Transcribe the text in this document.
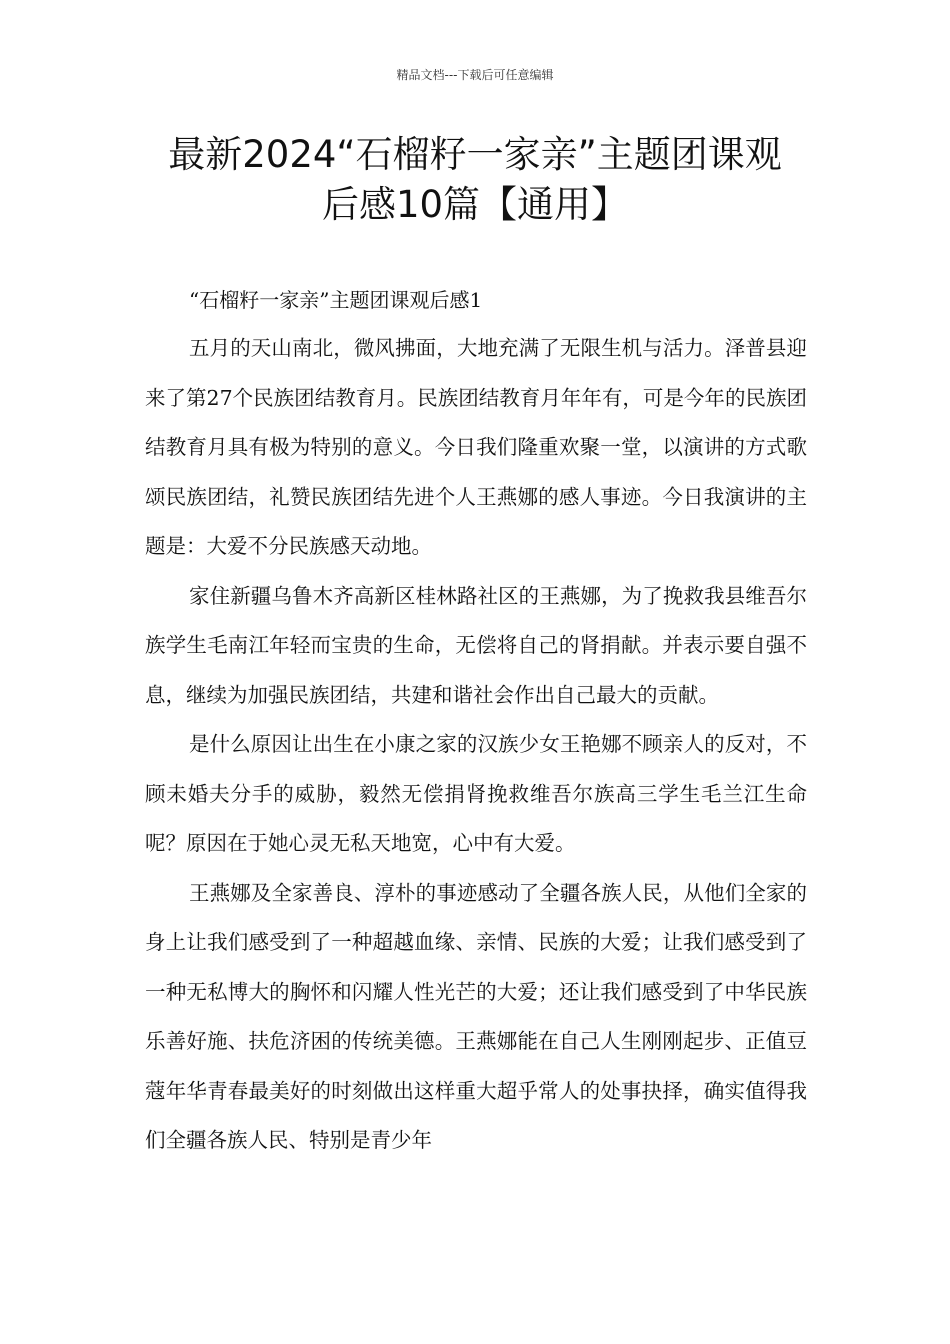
精品文档---下载后可任意编辑
最新2024“石榴籽一家亲”主题团课观
后感10篇【通用】
“石榴籽一家亲”主题团课观后感1

五月的天山南北，微风拂面，大地充满了无限生机与活力。泽普县迎来了第27个民族团结教育月。民族团结教育月年年有，可是今年的民族团结教育月具有极为特别的意义。今日我们隆重欢聚一堂，以演讲的方式歌颂民族团结，礼赞民族团结先进个人王燕娜的感人事迹。今日我演讲的主题是：大爱不分民族感天动地。

家住新疆乌鲁木齐高新区桂林路社区的王燕娜，为了挽救我县维吾尔族学生毛南江年轻而宝贵的生命，无偿将自己的肾捐献。并表示要自强不息，继续为加强民族团结，共建和谐社会作出自己最大的贡献。

是什么原因让出生在小康之家的汉族少女王艳娜不顾亲人的反对，不顾未婚夫分手的威胁，毅然无偿捐肾挽救维吾尔族高三学生毛兰江生命呢？原因在于她心灵无私天地宽，心中有大爱。

王燕娜及全家善良、淳朴的事迹感动了全疆各族人民，从他们全家的身上让我们感受到了一种超越血缘、亲情、民族的大爱；让我们感受到了一种无私博大的胸怀和闪耀人性光芒的大爱；还让我们感受到了中华民族乐善好施、扶危济困的传统美德。王燕娜能在自己人生刚刚起步、正值豆蔻年华青春最美好的时刻做出这样重大超乎常人的处事抉择，确实值得我们全疆各族人民、特别是青少年
